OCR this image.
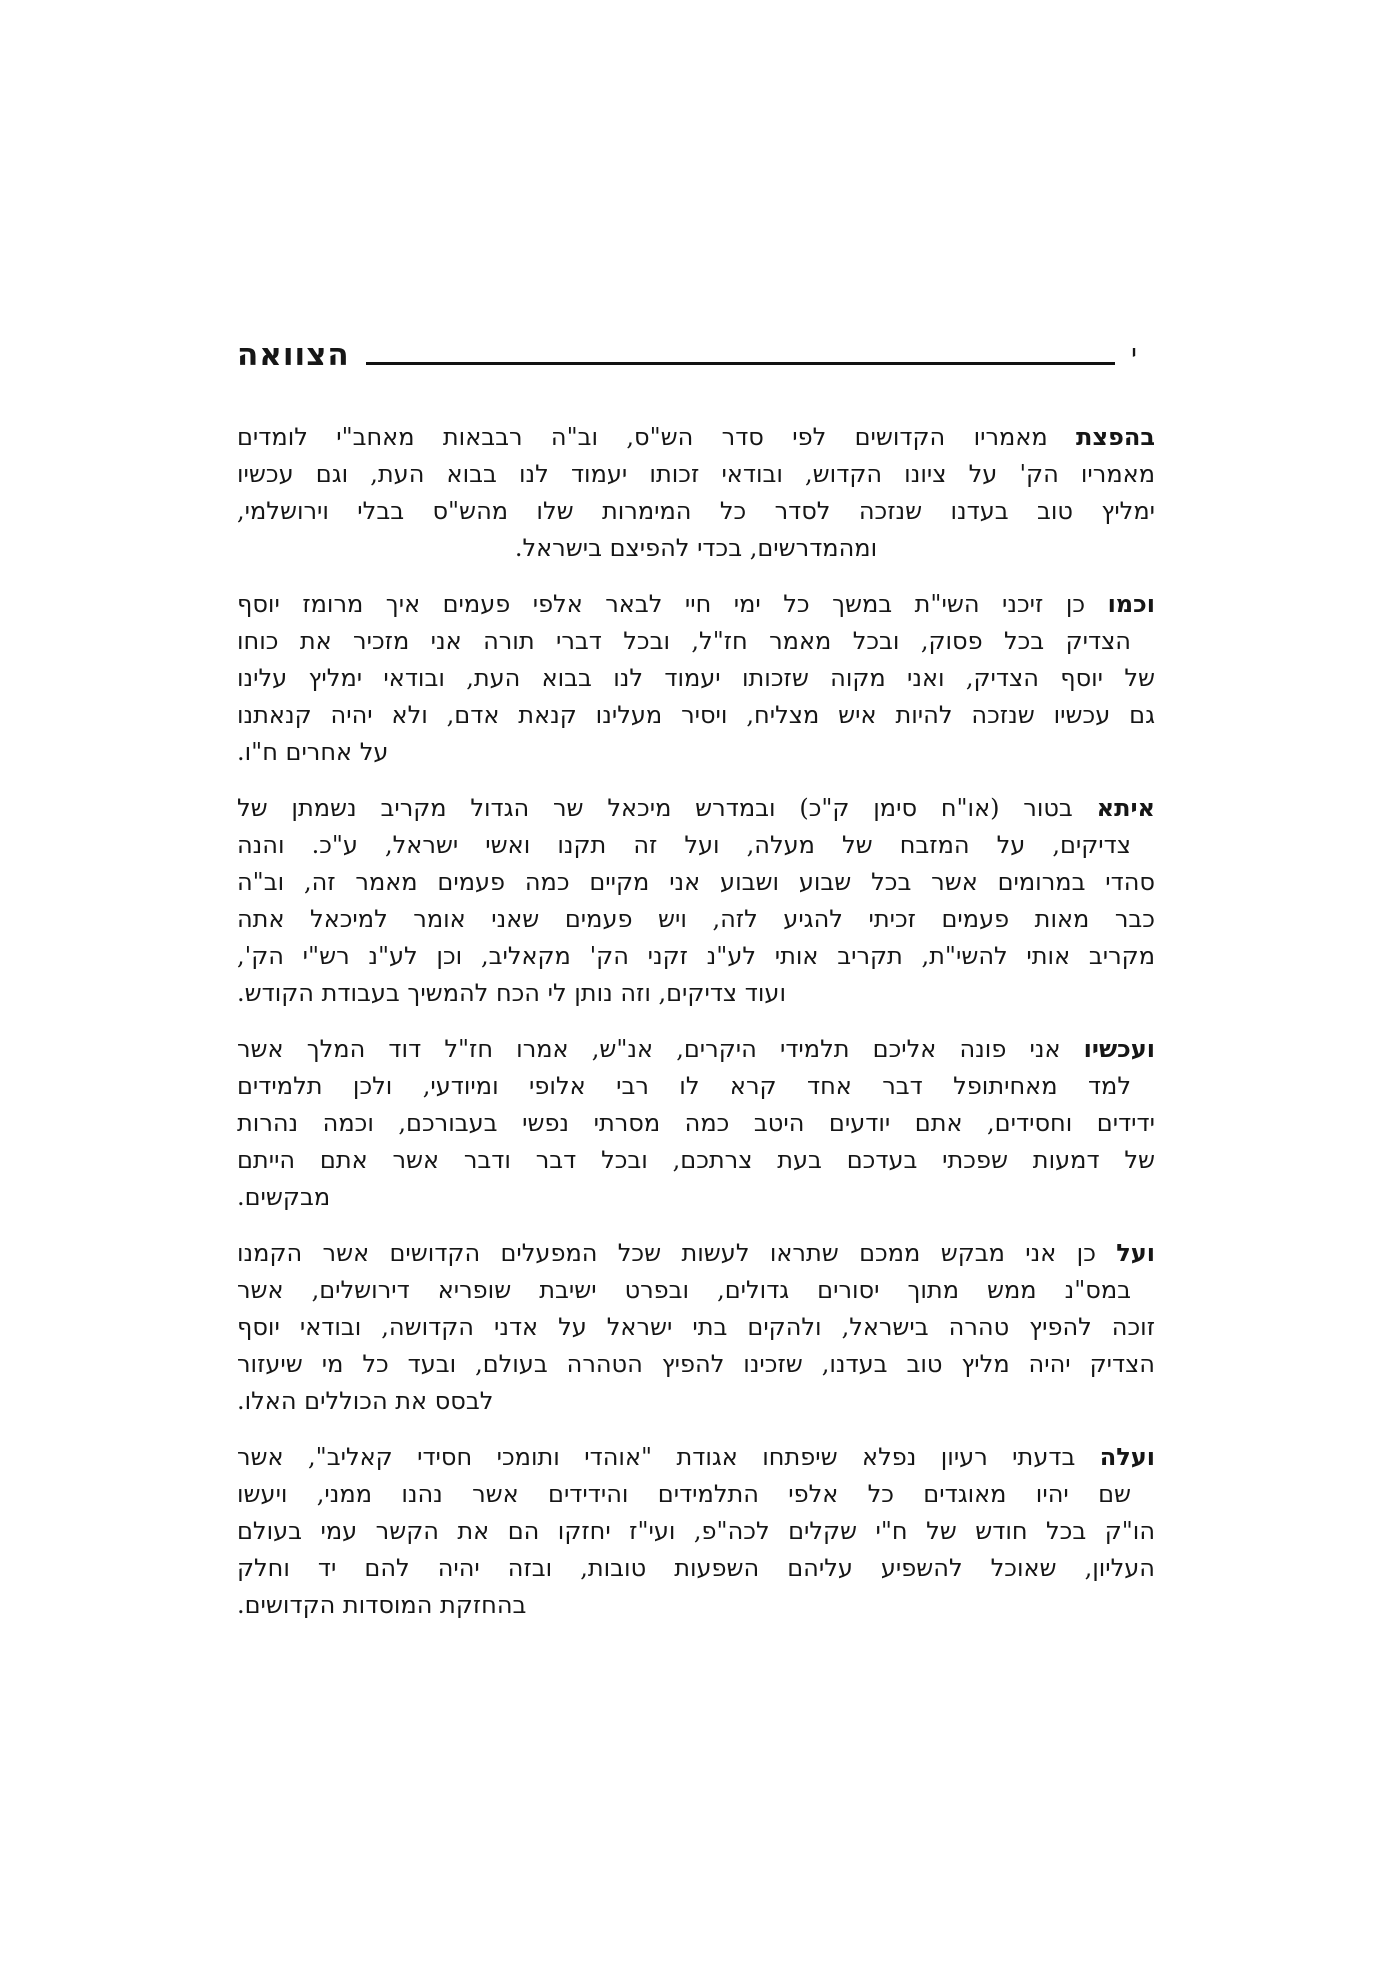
הצוואה	י
בהפצת מאמריו הקדושים לפי סדר הש"ס, וב"ה רבבאות מאחב"י לומדים
מאמריו הק' על ציונו הקדוש, ובודאי זכותו יעמוד לנו בבוא העת, וגם עכשיו
ימליץ טוב בעדנו שנזכה לסדר כל המימרות שלו מהש"ס בבלי וירושלמי,
ומהמדרשים, בכדי להפיצם בישראל.
וכמו כן זיכני השי"ת במשך כל ימי חיי לבאר אלפי פעמים איך מרומז יוסף
הצדיק בכל פסוק, ובכל מאמר חז"ל, ובכל דברי תורה אני מזכיר את כוחו
של יוסף הצדיק, ואני מקוה שזכותו יעמוד לנו בבוא העת, ובודאי ימליץ עלינו
גם עכשיו שנזכה להיות איש מצליח, ויסיר מעלינו קנאת אדם, ולא יהיה קנאתנו
על אחרים ח"ו.
איתא בטור (או"ח סימן ק"כ) ובמדרש מיכאל שר הגדול מקריב נשמתן של
צדיקים, על המזבח של מעלה, ועל זה תקנו ואשי ישראל, ע"כ. והנה
סהדי במרומים אשר בכל שבוע ושבוע אני מקיים כמה פעמים מאמר זה, וב"ה
כבר מאות פעמים זכיתי להגיע לזה, ויש פעמים שאני אומר למיכאל אתה
מקריב אותי להשי"ת, תקריב אותי לע"נ זקני הק' מקאליב, וכן לע"נ רש"י הק',
ועוד צדיקים, וזה נותן לי הכח להמשיך בעבודת הקודש.
ועכשיו אני פונה אליכם תלמידי היקרים, אנ"ש, אמרו חז"ל דוד המלך אשר
למד מאחיתופל דבר אחד קרא לו רבי אלופי ומיודעי, ולכן תלמידים
ידידים וחסידים, אתם יודעים היטב כמה מסרתי נפשי בעבורכם, וכמה נהרות
של דמעות שפכתי בעדכם בעת צרתכם, ובכל דבר ודבר אשר אתם הייתם
מבקשים.
ועל כן אני מבקש ממכם שתראו לעשות שכל המפעלים הקדושים אשר הקמנו
במס"נ ממש מתוך יסורים גדולים, ובפרט ישיבת שופריא דירושלים, אשר
זוכה להפיץ טהרה בישראל, ולהקים בתי ישראל על אדני הקדושה, ובודאי יוסף
הצדיק יהיה מליץ טוב בעדנו, שזכינו להפיץ הטהרה בעולם, ובעד כל מי שיעזור
לבסס את הכוללים האלו.
ועלה בדעתי רעיון נפלא שיפתחו אגודת "אוהדי ותומכי חסידי קאליב", אשר
שם יהיו מאוגדים כל אלפי התלמידים והידידים אשר נהנו ממני, ויעשו
הו"ק בכל חודש של ח"י שקלים לכה"פ, ועי"ז יחזקו הם את הקשר עמי בעולם
העליון, שאוכל להשפיע עליהם השפעות טובות, ובזה יהיה להם יד וחלק
בהחזקת המוסדות הקדושים.
